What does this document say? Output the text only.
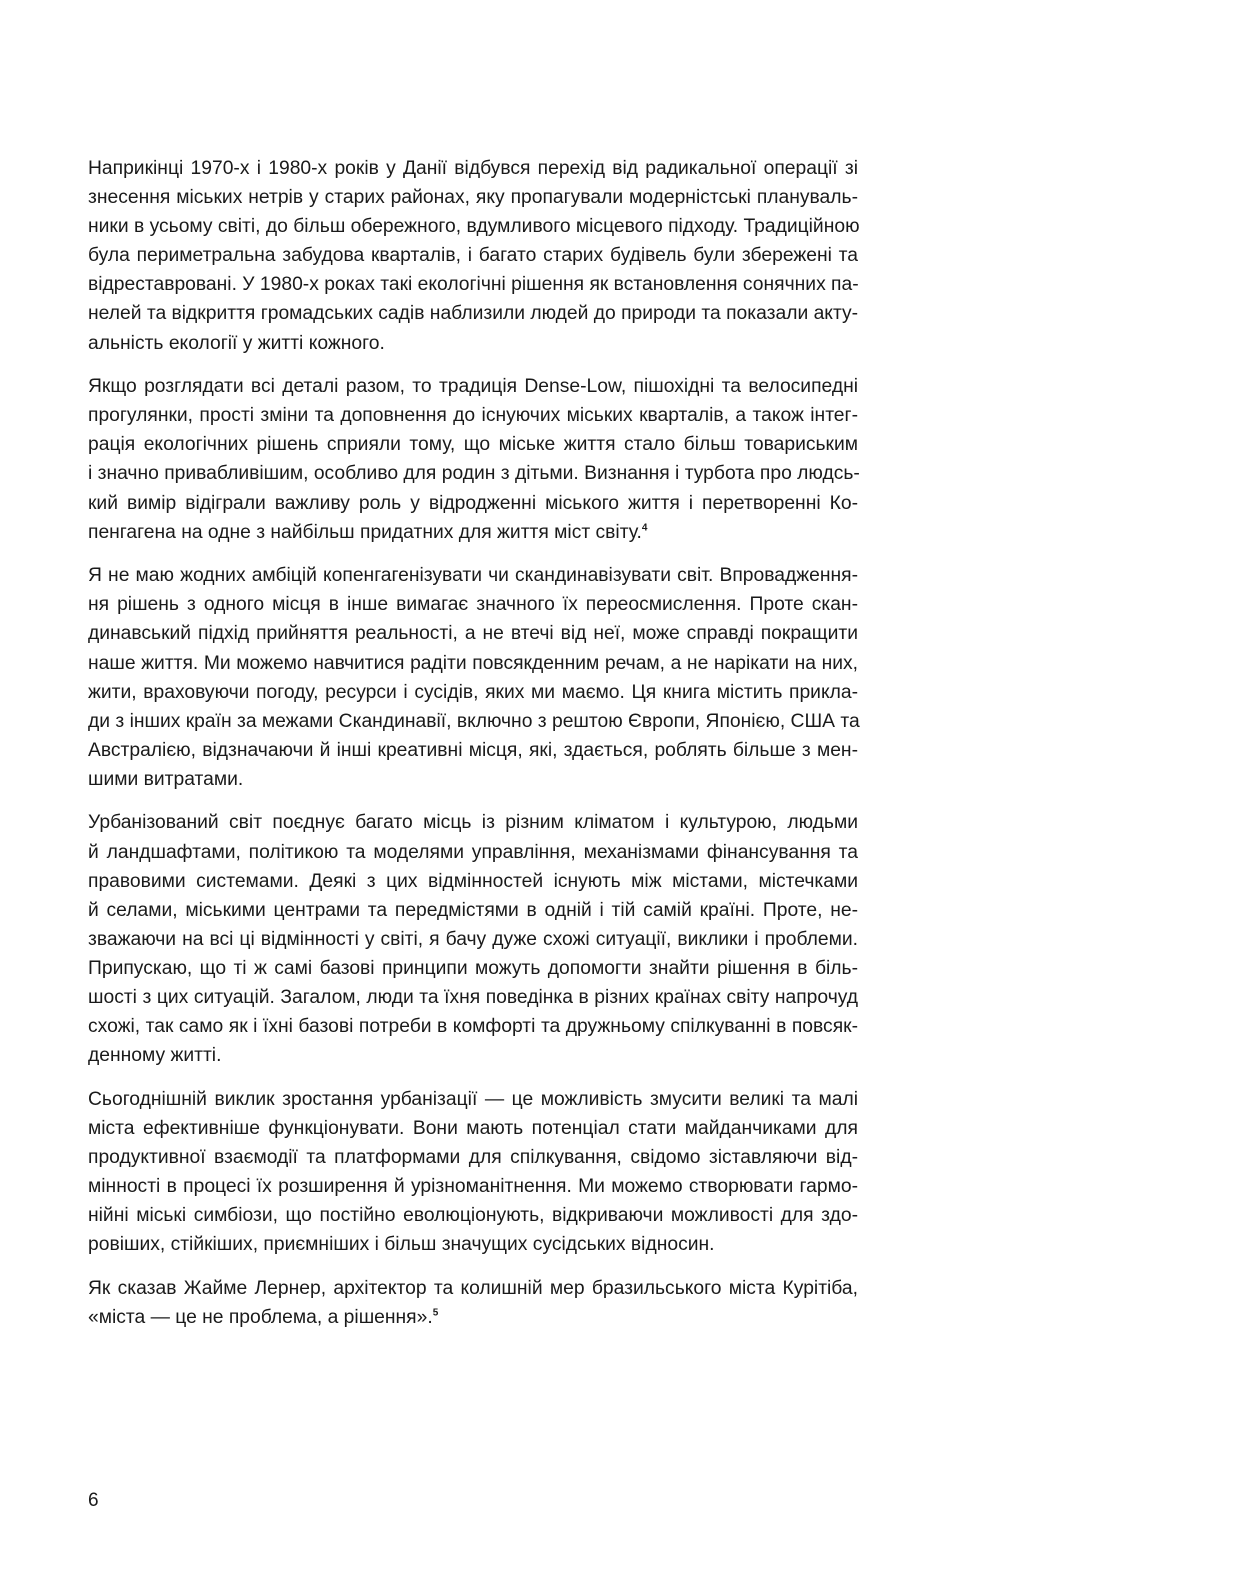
Наприкінці 1970-х і 1980-х років у Данії відбувся перехід від радикальної операції зі
знесення міських нетрів у старих районах, яку пропагували модерністські плануваль-
ники в усьому світі, до більш обережного, вдумливого місцевого підходу. Традиційною
була периметральна забудова кварталів, і багато старих будівель були збережені та
відреставровані. У 1980-х роках такі екологічні рішення як встановлення сонячних па-
нелей та відкриття громадських садів наблизили людей до природи та показали акту-
альність екології у житті кожного.

Якщо розглядати всі деталі разом, то традиція Dense-Low, пішохідні та велосипедні
прогулянки, прості зміни та доповнення до існуючих міських кварталів, а також інтег-
рація екологічних рішень сприяли тому, що міське життя стало більш товариським
і значно привабливішим, особливо для родин з дітьми. Визнання і турбота про людсь-
кий вимір відіграли важливу роль у відродженні міського життя і перетворенні Ко-
пенгагена на одне з найбільш придатних для життя міст світу.$^4$

Я не маю жодних амбіцій копенгагенізувати чи скандинавізувати світ. Впровадження-
ня рішень з одного місця в інше вимагає значного їх переосмислення. Проте скан-
динавський підхід прийняття реальності, а не втечі від неї, може справді покращити
наше життя. Ми можемо навчитися радіти повсякденним речам, а не нарікати на них,
жити, враховуючи погоду, ресурси і сусідів, яких ми маємо. Ця книга містить прикла-
ди з інших країн за межами Скандинавії, включно з рештою Європи, Японією, США та
Австралією, відзначаючи й інші креативні місця, які, здається, роблять більше з мен-
шими витратами.

Урбанізований світ поєднує багато місць із різним кліматом і культурою, людьми
й ландшафтами, політикою та моделями управління, механізмами фінансування та
правовими системами. Деякі з цих відмінностей існують між містами, містечками
й селами, міськими центрами та передмістями в одній і тій самій країні. Проте, не-
зважаючи на всі ці відмінності у світі, я бачу дуже схожі ситуації, виклики і проблеми.
Припускаю, що ті ж самі базові принципи можуть допомогти знайти рішення в біль-
шості з цих ситуацій. Загалом, люди та їхня поведінка в різних країнах світу напрочуд
схожі, так само як і їхні базові потреби в комфорті та дружньому спілкуванні в повсяк-
денному житті.

Сьогоднішній виклик зростання урбанізації — це можливість змусити великі та малі
міста ефективніше функціонувати. Вони мають потенціал стати майданчиками для
продуктивної взаємодії та платформами для спілкування, свідомо зіставляючи від-
мінності в процесі їх розширення й урізноманітнення. Ми можемо створювати гармо-
нійні міські симбіози, що постійно еволюціонують, відкриваючи можливості для здо-
ровіших, стійкіших, приємніших і більш значущих сусідських відносин.

Як сказав Жайме Лернер, архітектор та колишній мер бразильського міста Курітіба,
«міста — це не проблема, а рішення».$^5$

6
